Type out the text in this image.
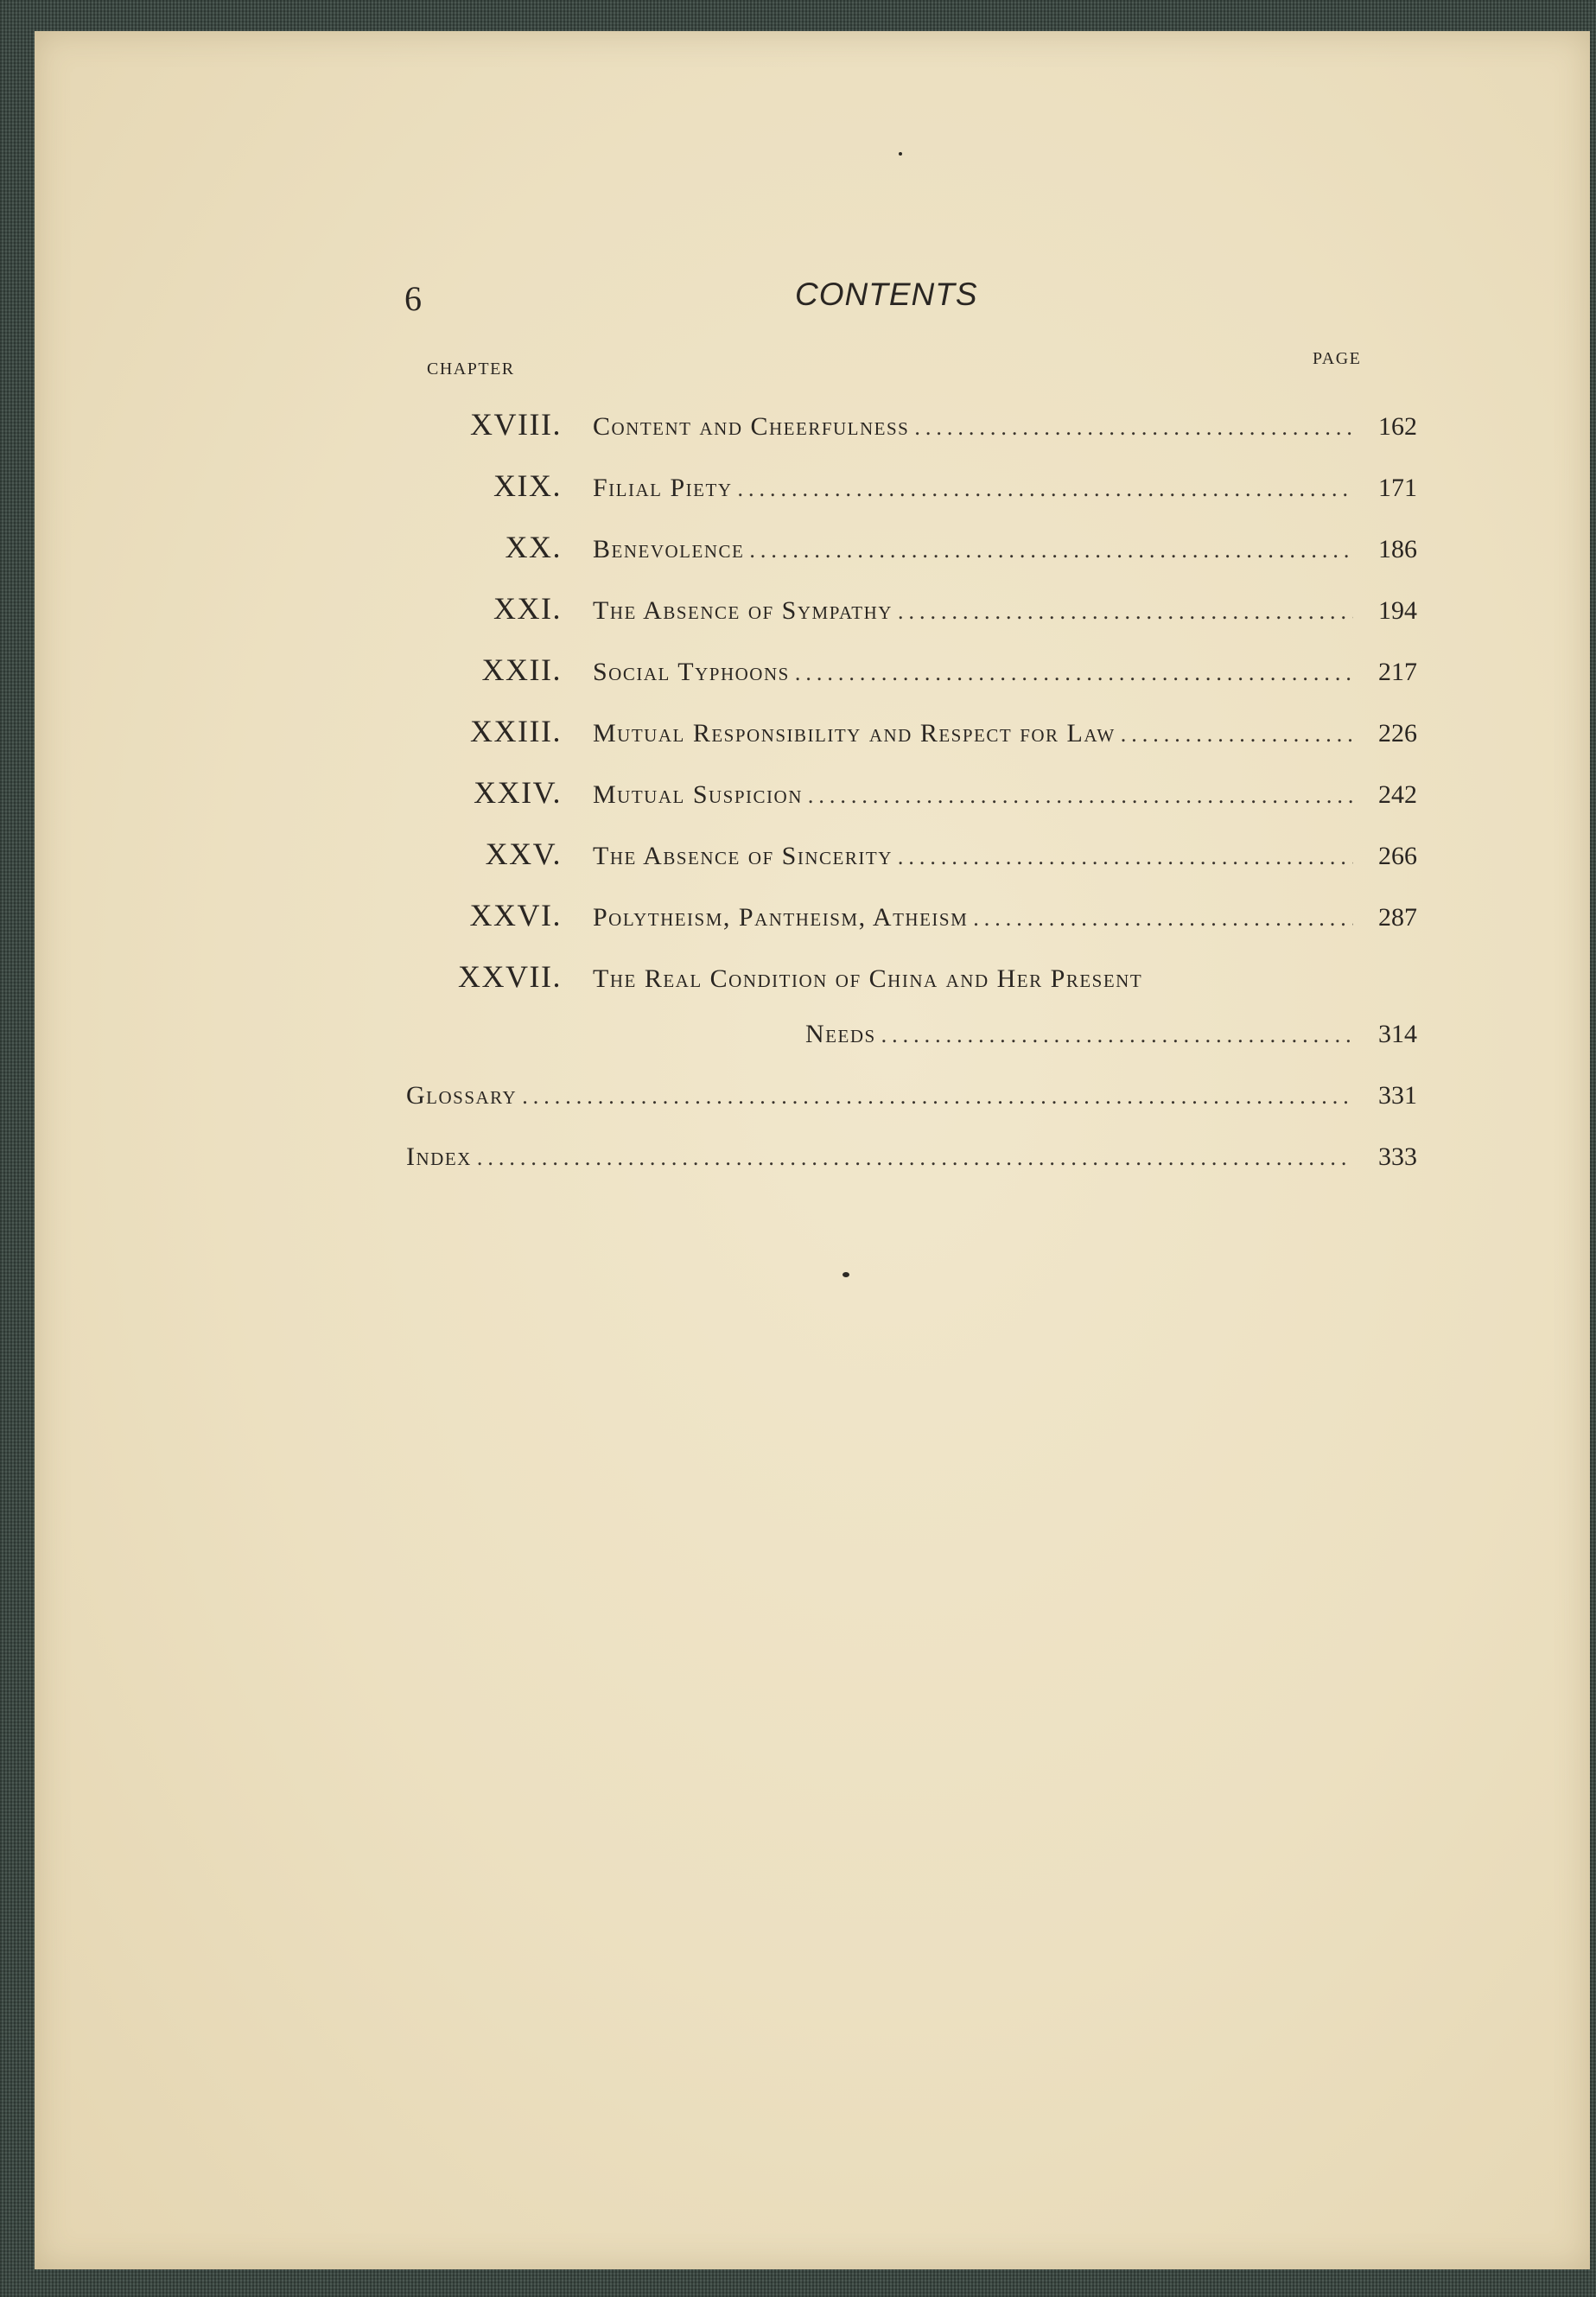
6	CONTENTS
CHAPTER
PAGE
XVIII. Content and Cheerfulness .....	162
XIX. Filial Piety .....	171
XX. Benevolence .....	186
XXI. The Absence of Sympathy .....	194
XXII. Social Typhoons .....	217
XXIII. Mutual Responsibility and Respect for Law .....	226
XXIV. Mutual Suspicion .....	242
XXV. The Absence of Sincerity .....	266
XXVI. Polytheism, Pantheism, Atheism .....	287
XXVII. The Real Condition of China and Her Present
Needs .....	314
Glossary .....	331
Index .....	333
